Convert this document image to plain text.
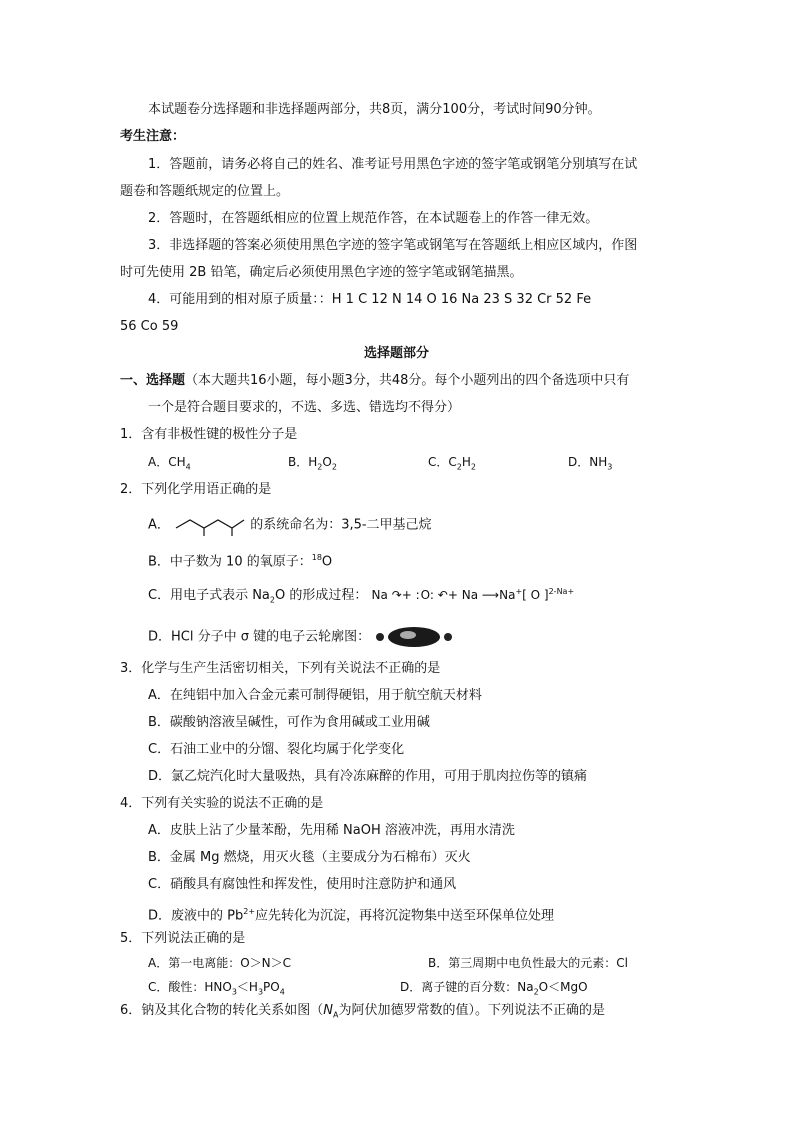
本试题卷分选择题和非选择题两部分，共8页，满分100分，考试时间90分钟。
考生注意：
1．答题前，请务必将自己的姓名、准考证号用黑色字迹的签字笔或钢笔分别填写在试
题卷和答题纸规定的位置上。
2．答题时，在答题纸相应的位置上规范作答，在本试题卷上的作答一律无效。
3．非选择题的答案必须使用黑色字迹的签字笔或钢笔写在答题纸上相应区域内，作图
时可先使用 2B 铅笔，确定后必须使用黑色字迹的签字笔或钢笔描黑。
4．可能用到的相对原子质量：：H 1 C 12 N 14 O 16 Na 23 S 32 Cr 52 Fe
56 Co 59
选择题部分
一、选择题（本大题共16小题，每小题3分，共48分。每个小题列出的四个备选项中只有
一个是符合题目要求的，不选、多选、错选均不得分）
1．含有非极性键的极性分子是
A．$CH_4$	B．$H_2O_2$	C．$C_2H_2$	D．$NH_3$
2．下列化学用语正确的是
A．	的系统命名为：3,5-二甲基己烷
B．中子数为 10 的氧原子：$^{18}$O
C．用电子式表示 $Na_2O$ 的形成过程： Na ↷+ :O: ↶+ Na ⟶Na+[ O ]$^{2-Na+}$
D．HCl 分子中 σ 键的电子云轮廓图：
3．化学与生产生活密切相关，下列有关说法不正确的是
A．在纯铝中加入合金元素可制得硬铝，用于航空航天材料
B．碳酸钠溶液呈碱性，可作为食用碱或工业用碱
C．石油工业中的分馏、裂化均属于化学变化
D．氯乙烷汽化时大量吸热，具有冷冻麻醉的作用，可用于肌肉拉伤等的镇痛
4．下列有关实验的说法不正确的是
A．皮肤上沾了少量苯酚，先用稀 NaOH 溶液冲洗，再用水清洗
B．金属 Mg 燃烧，用灭火毯（主要成分为石棉布）灭火
C．硝酸具有腐蚀性和挥发性，使用时注意防护和通风
D．废液中的 $Pb^{2+}$应先转化为沉淀，再将沉淀物集中送至环保单位处理
5．下列说法正确的是
A．第一电离能：O＞N＞C	B．第三周期中电负性最大的元素：Cl
C．酸性：$HNO_3<H_3PO_4$	D．离子键的百分数：$Na_2O<MgO$
6．钠及其化合物的转化关系如图（$N_A$为阿伏加德罗常数的值）。下列说法不正确的是
